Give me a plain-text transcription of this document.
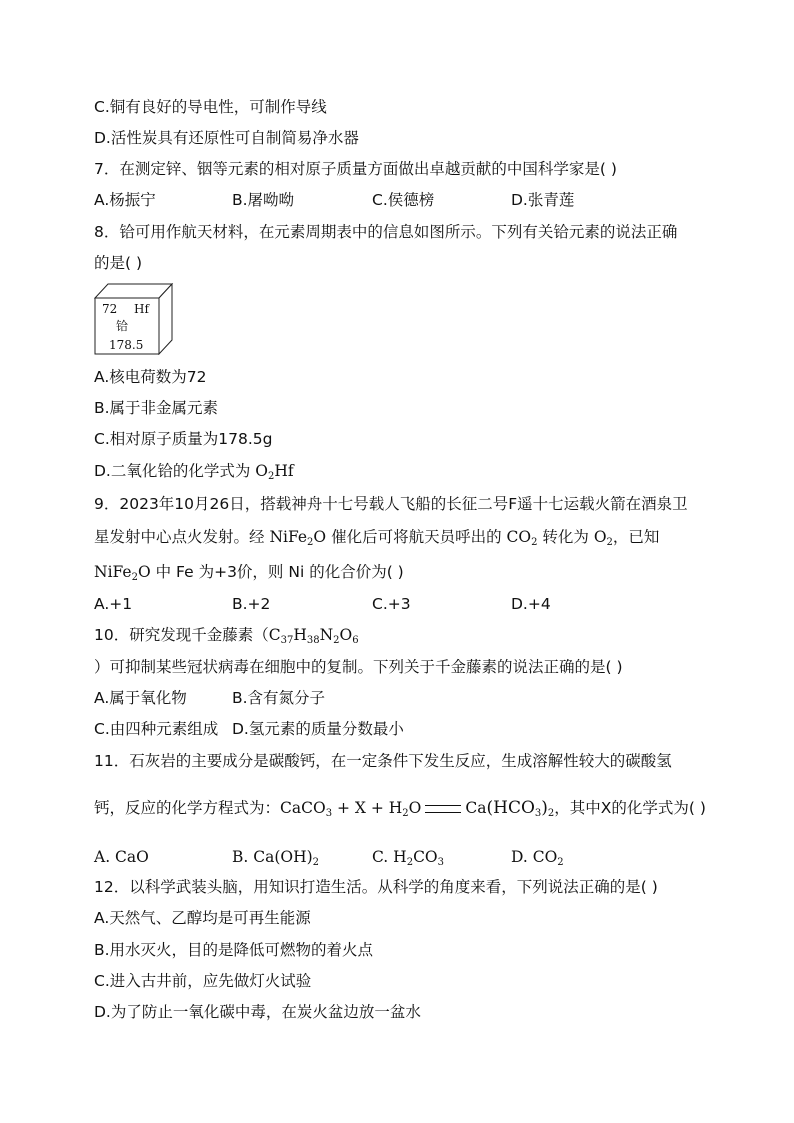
C.铜有良好的导电性，可制作导线
D.活性炭具有还原性可自制简易净水器
7．在测定锌、铟等元素的相对原子质量方面做出卓越贡献的中国科学家是( )
A.杨振宁	B.屠呦呦	C.侯德榜	D.张青莲
8．铪可用作航天材料，在元素周期表中的信息如图所示。下列有关铪元素的说法正确
的是( )
72 Hf
铪
178.5
A.核电荷数为72
B.属于非金属元素
C.相对原子质量为178.5g
D.二氧化铪的化学式为 $O_2Hf$
9．2023年10月26日，搭载神舟十七号载人飞船的长征二号F遥十七运载火箭在酒泉卫
星发射中心点火发射。经 NiFe$_2$O 催化后可将航天员呼出的 $CO_2$ 转化为 $O_2$，已知
NiFe$_2$O 中 Fe 为+3价，则 Ni 的化合价为( )
A.+1	B.+2	C.+3	D.+4
10．研究发现千金藤素（$C_{37}H_{38}N_2O_6$
）可抑制某些冠状病毒在细胞中的复制。下列关于千金藤素的说法正确的是( )
A.属于氧化物	B.含有氮分子
C.由四种元素组成 D.氢元素的质量分数最小
11．石灰岩的主要成分是碳酸钙，在一定条件下发生反应，生成溶解性较大的碳酸氢
钙，反应的化学方程式为：CaCO$_3$ + $X + H_2O$	$Ca(HCO_3)_2$，其中X的化学式为( )
A. CaO	B. $Ca(OH)_2$	C. $H_2CO_3$	D. $CO_2$
12．以科学武装头脑，用知识打造生活。从科学的角度来看，下列说法正确的是( )
A.天然气、乙醇均是可再生能源
B.用水灭火，目的是降低可燃物的着火点
C.进入古井前，应先做灯火试验
D.为了防止一氧化碳中毒，在炭火盆边放一盆水
